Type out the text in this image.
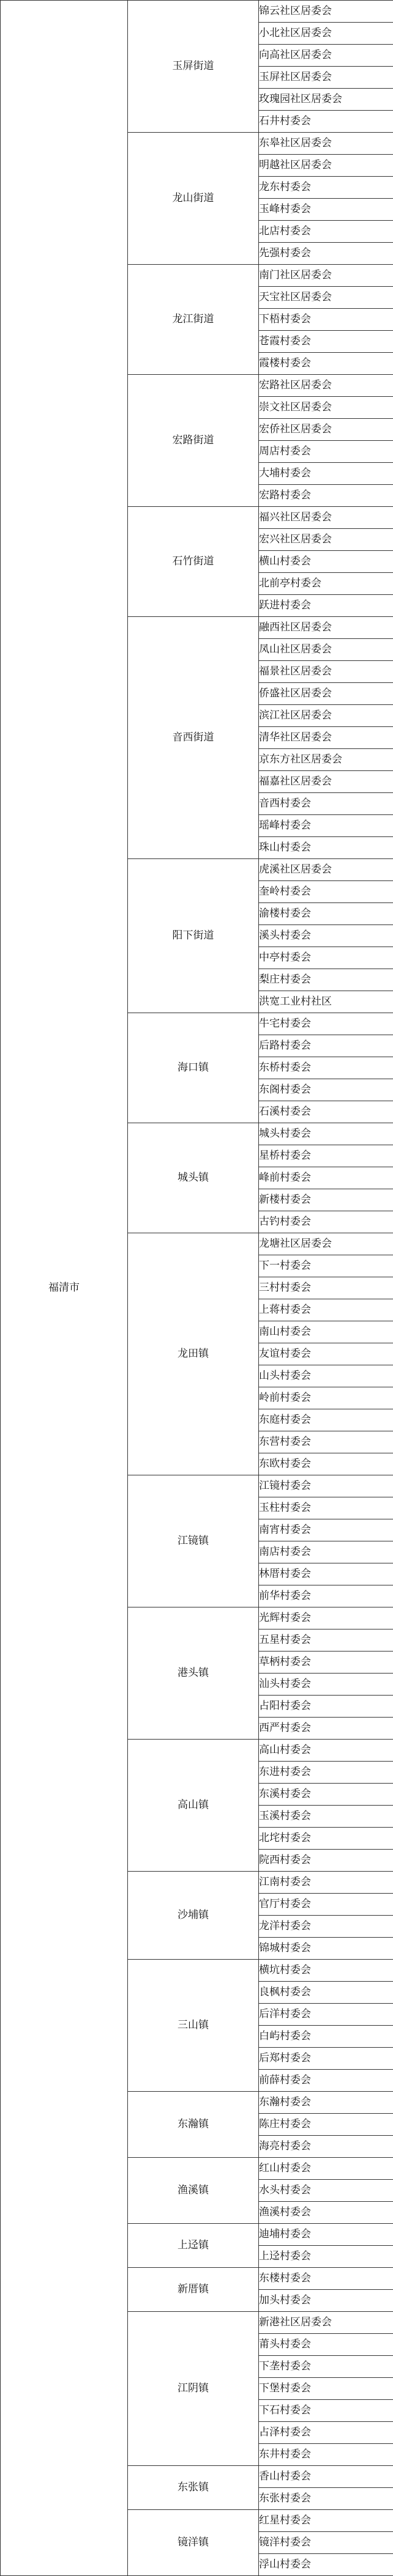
福清市	玉屏街道	锦云社区居委会
		小北社区居委会
		向高社区居委会
		玉屏社区居委会
		玫瑰园社区居委会
		石井村委会
	龙山街道	东皋社区居委会
		明越社区居委会
		龙东村委会
		玉峰村委会
		北店村委会
		先强村委会
	龙江街道	南门社区居委会
		天宝社区居委会
		下梧村委会
		苍霞村委会
		霞楼村委会
	宏路街道	宏路社区居委会
		崇文社区居委会
		宏侨社区居委会
		周店村委会
		大埔村委会
		宏路村委会
	石竹街道	福兴社区居委会
		宏兴社区居委会
		横山村委会
		北前亭村委会
		跃进村委会
	音西街道	融西社区居委会
		凤山社区居委会
		福景社区居委会
		侨盛社区居委会
		滨江社区居委会
		清华社区居委会
		京东方社区居委会
		福嘉社区居委会
		音西村委会
		瑶峰村委会
		珠山村委会
	阳下街道	虎溪社区居委会
		奎岭村委会
		渝楼村委会
		溪头村委会
		中亭村委会
		梨庄村委会
		洪宽工业村社区
	海口镇	牛宅村委会
		后路村委会
		东桥村委会
		东阁村委会
		石溪村委会
	城头镇	城头村委会
		星桥村委会
		峰前村委会
		新楼村委会
		古钓村委会
	龙田镇	龙塘社区居委会
		下一村委会
		三村村委会
		上蒋村委会
		南山村委会
		友谊村委会
		山头村委会
		岭前村委会
		东庭村委会
		东营村委会
		东欧村委会
	江镜镇	江镜村委会
		玉柱村委会
		南宵村委会
		南店村委会
		林厝村委会
		前华村委会
	港头镇	光辉村委会
		五星村委会
		草柄村委会
		汕头村委会
		占阳村委会
		西严村委会
	高山镇	高山村委会
		东进村委会
		东溪村委会
		玉溪村委会
		北垞村委会
		院西村委会
	沙埔镇	江南村委会
		官厅村委会
		龙洋村委会
		锦城村委会
	三山镇	横坑村委会
		良枫村委会
		后洋村委会
		白屿村委会
		后郑村委会
		前薛村委会
	东瀚镇	东瀚村委会
		陈庄村委会
		海亮村委会
	渔溪镇	红山村委会
		水头村委会
		渔溪村委会
	上迳镇	迪埔村委会
		上迳村委会
	新厝镇	东楼村委会
		加头村委会
	江阴镇	新港社区居委会
		莆头村委会
		下垄村委会
		下堡村委会
		下石村委会
		占泽村委会
		东井村委会
	东张镇	香山村委会
		东张村委会
	镜洋镇	红星村委会
		镜洋村委会
		浮山村委会
